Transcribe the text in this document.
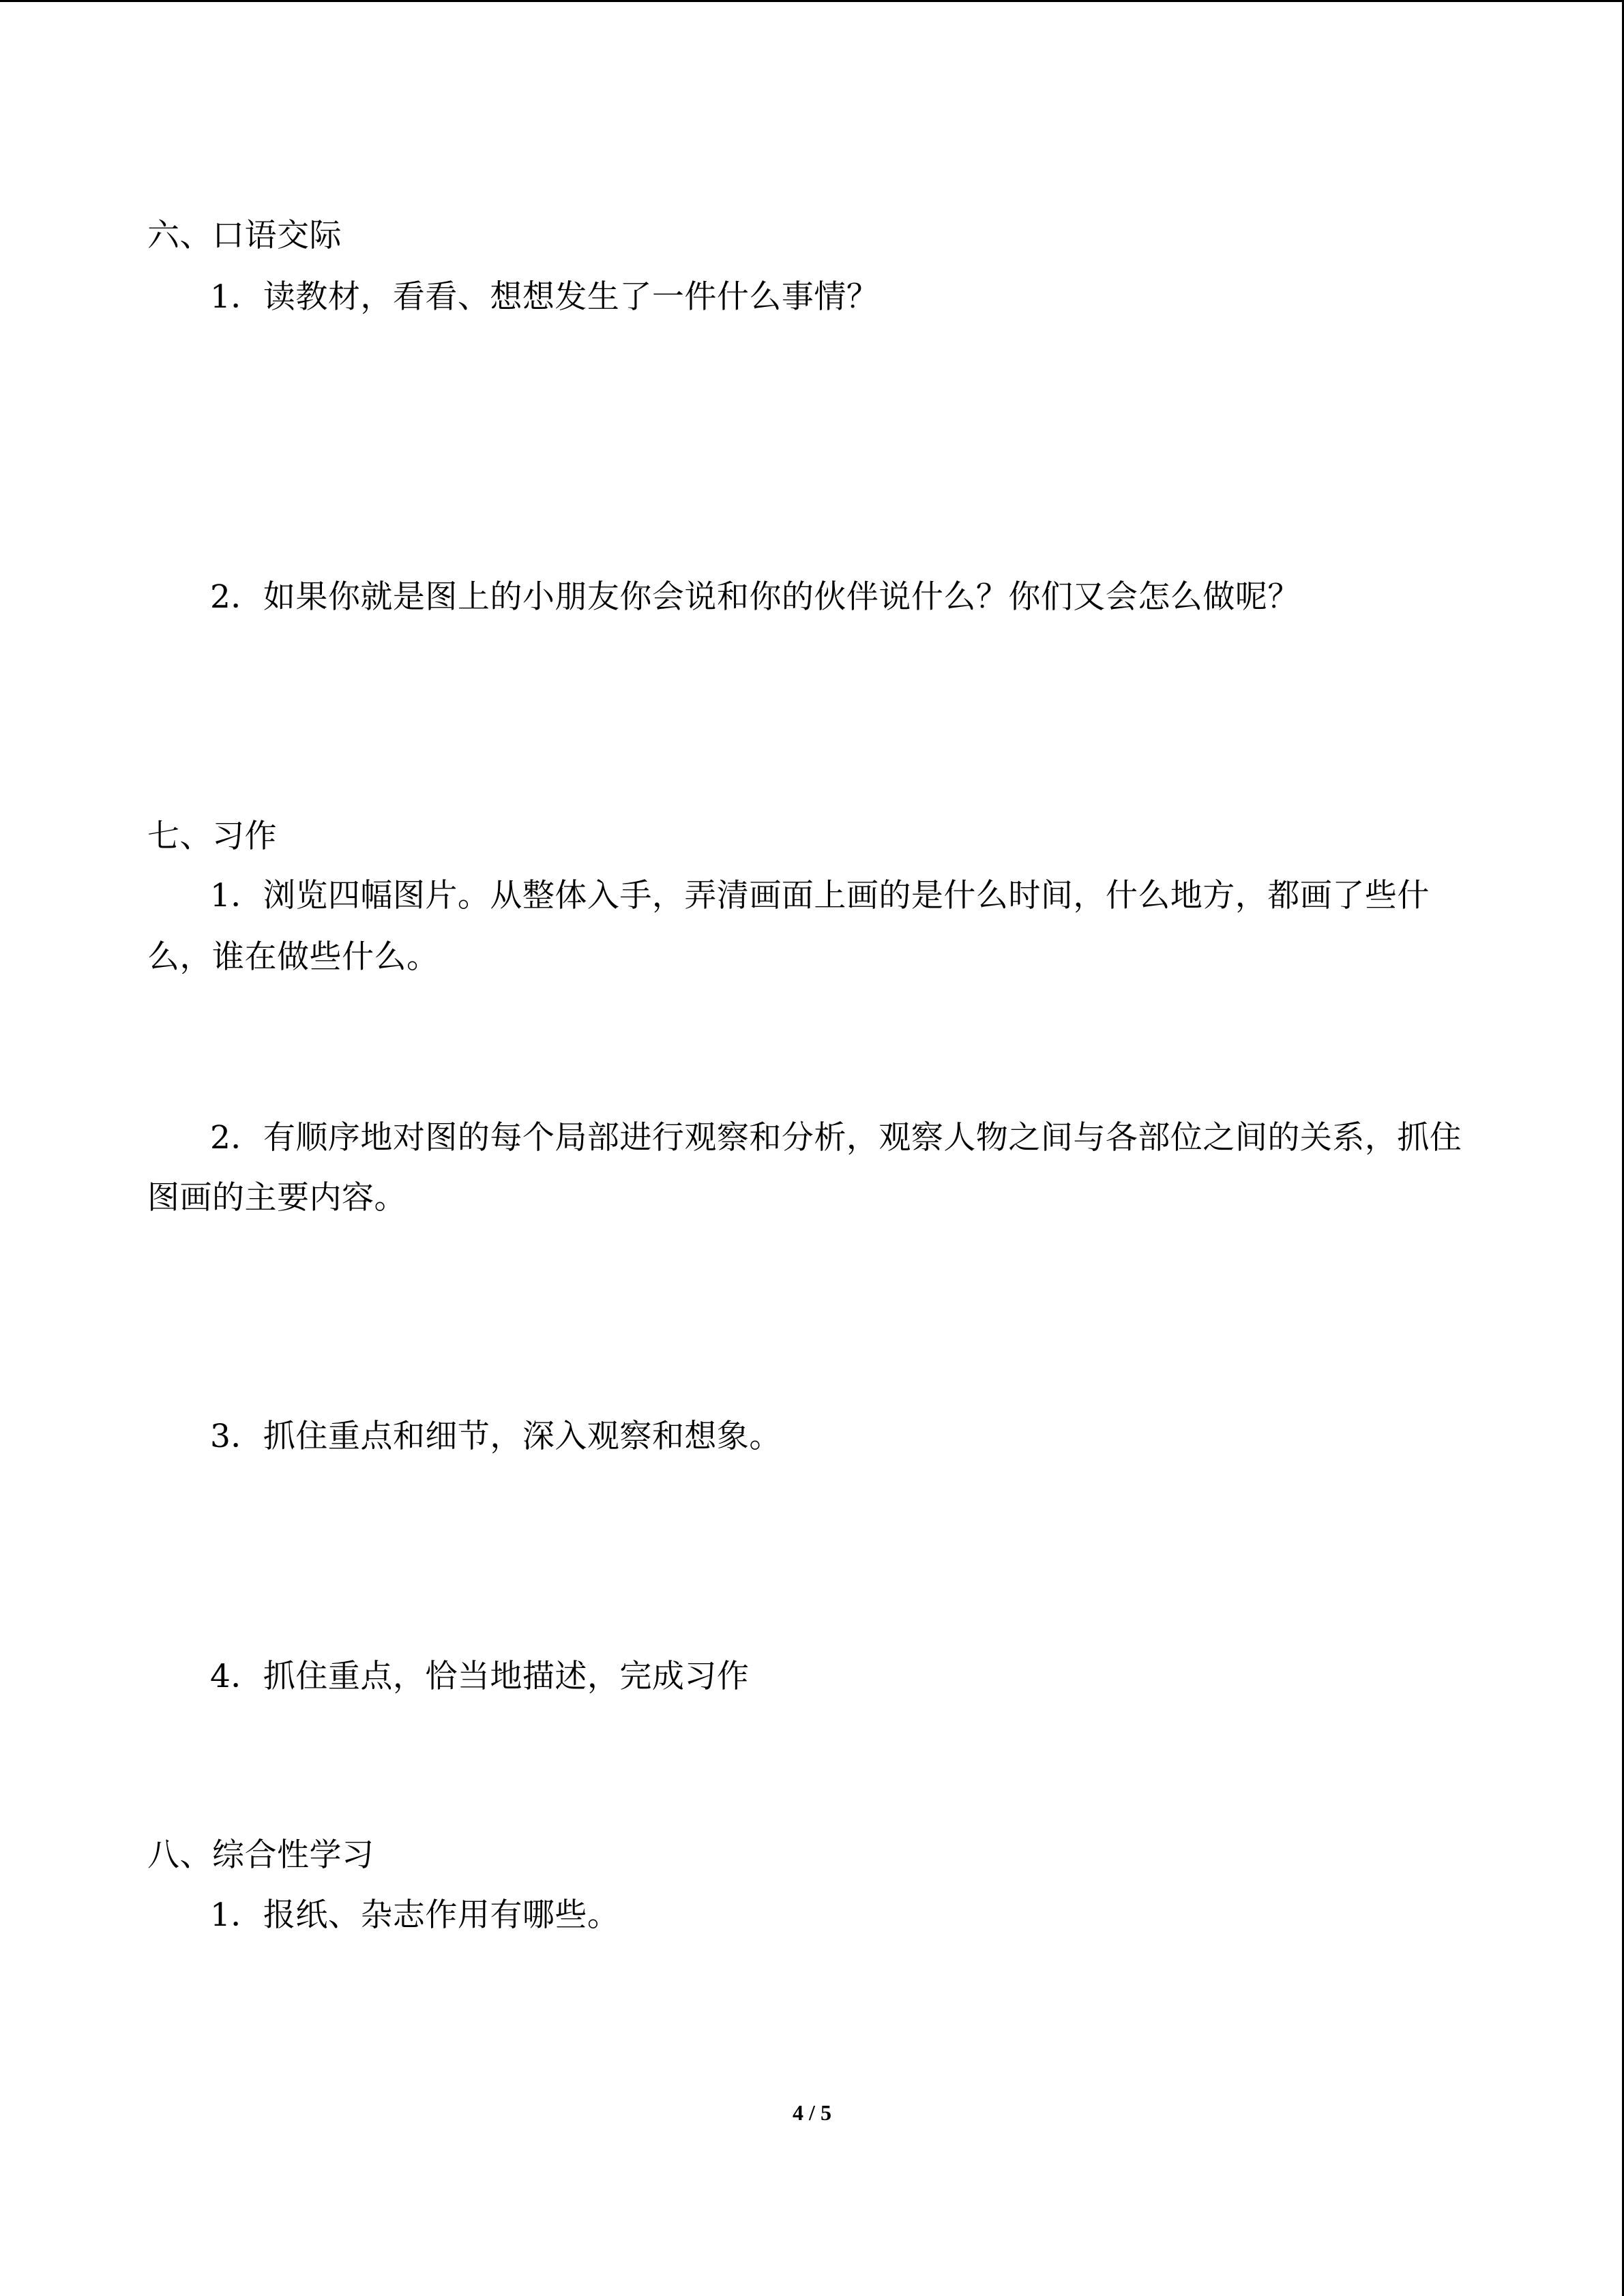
六、口语交际
1．读教材，看看、想想发生了一件什么事情？
2．如果你就是图上的小朋友你会说和你的伙伴说什么？你们又会怎么做呢？
七、习作
1．浏览四幅图片。从整体入手，弄清画面上画的是什么时间，什么地方，都画了些什
么，谁在做些什么。
2．有顺序地对图的每个局部进行观察和分析，观察人物之间与各部位之间的关系，抓住
图画的主要内容。
3．抓住重点和细节，深入观察和想象。
4．抓住重点，恰当地描述，完成习作
八、综合性学习
1．报纸、杂志作用有哪些。
4 / 5
